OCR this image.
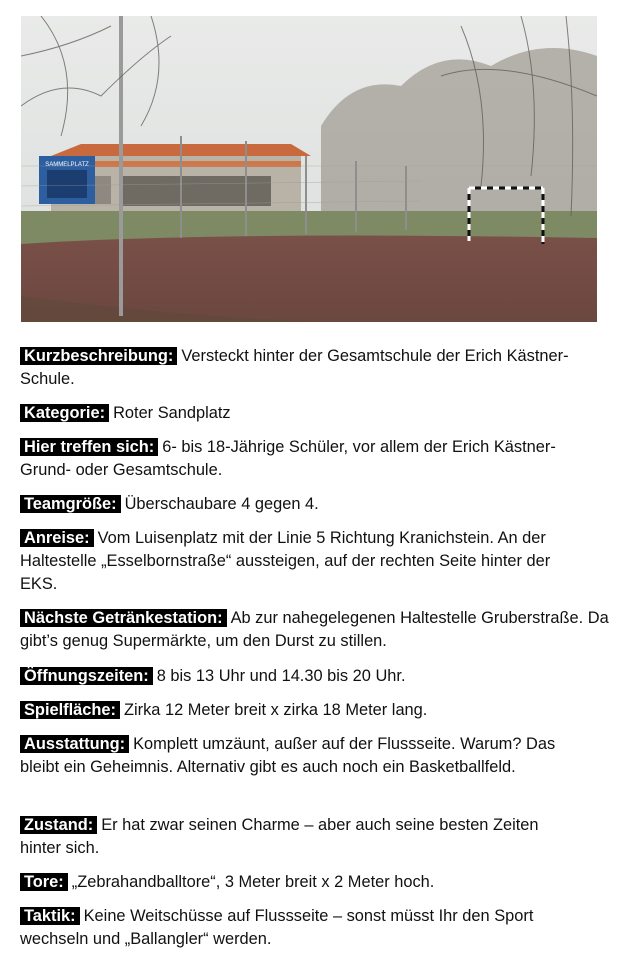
SAMMELPLATZ

Kurzbeschreibung: Versteckt hinter der Gesamtschule der Erich Kästner-Schule.

Kategorie: Roter Sandplatz

Hier treffen sich: 6- bis 18-Jährige Schüler, vor allem der Erich Kästner-Grund- oder Gesamtschule.

Teamgröße: Überschaubare 4 gegen 4.

Anreise: Vom Luisenplatz mit der Linie 5 Richtung Kranichstein. An der Haltestelle „Esselbornstraße“ aussteigen, auf der rechten Seite hinter der EKS.

Nächste Getränkestation: Ab zur nahegelegenen Haltestelle Gruberstraße. Da gibt’s genug Supermärkte, um den Durst zu stillen.

Öffnungszeiten: 8 bis 13 Uhr und 14.30 bis 20 Uhr.

Spielfläche: Zirka 12 Meter breit x zirka 18 Meter lang.

Ausstattung: Komplett umzäunt, außer auf der Flussseite. Warum? Das bleibt ein Geheimnis. Alternativ gibt es auch noch ein Basketballfeld.

Zustand: Er hat zwar seinen Charme – aber auch seine besten Zeiten hinter sich.

Tore: „Zebrahandballtore“, 3 Meter breit x 2 Meter hoch.

Taktik: Keine Weitschüsse auf Flussseite – sonst müsst Ihr den Sport wechseln und „Ballangler“ werden.
